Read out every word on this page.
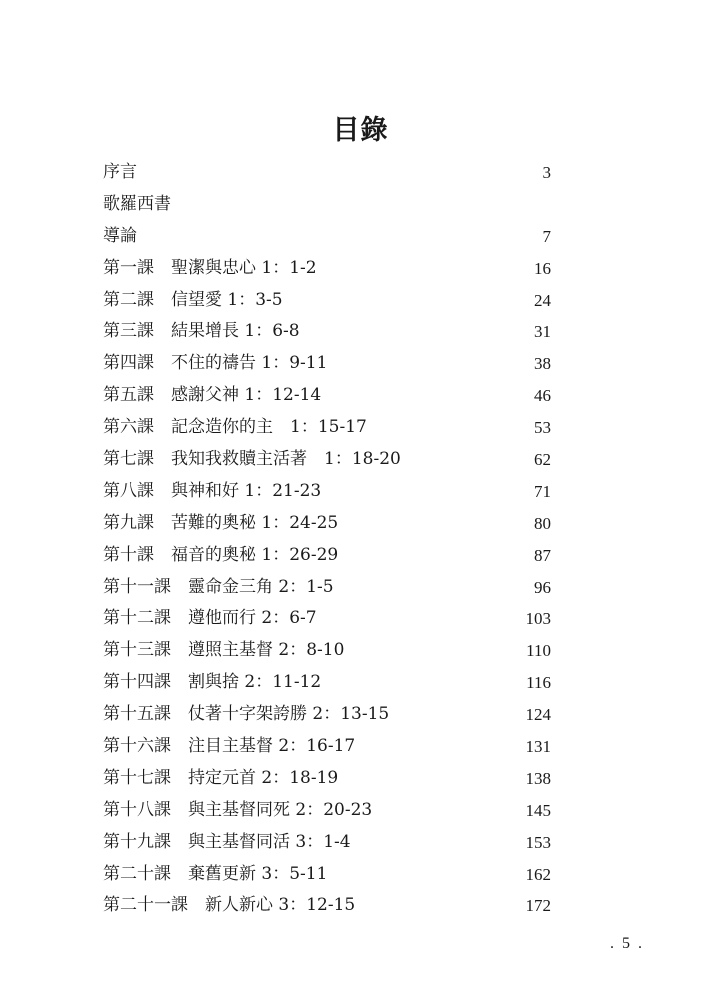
目錄
序言	3
歌羅西書
導論	7
第一課　聖潔與忠心 1：1-2	16
第二課　信望愛 1：3-5	24
第三課　結果增長 1：6-8	31
第四課　不住的禱告 1：9-11	38
第五課　感謝父神 1：12-14	46
第六課　記念造你的主　1：15-17	53
第七課　我知我救贖主活著　1：18-20	62
第八課　與神和好 1：21-23	71
第九課　苦難的奧秘 1：24-25	80
第十課　福音的奧秘 1：26-29	87
第十一課　靈命金三角 2：1-5	96
第十二課　遵他而行 2：6-7	103
第十三課　遵照主基督 2：8-10	110
第十四課　割與捨 2：11-12	116
第十五課　仗著十字架誇勝 2：13-15	124
第十六課　注目主基督 2：16-17	131
第十七課　持定元首 2：18-19	138
第十八課　與主基督同死 2：20-23	145
第十九課　與主基督同活 3：1-4	153
第二十課　棄舊更新 3：5-11	162
第二十一課　新人新心 3：12-15	172
. 5 .
